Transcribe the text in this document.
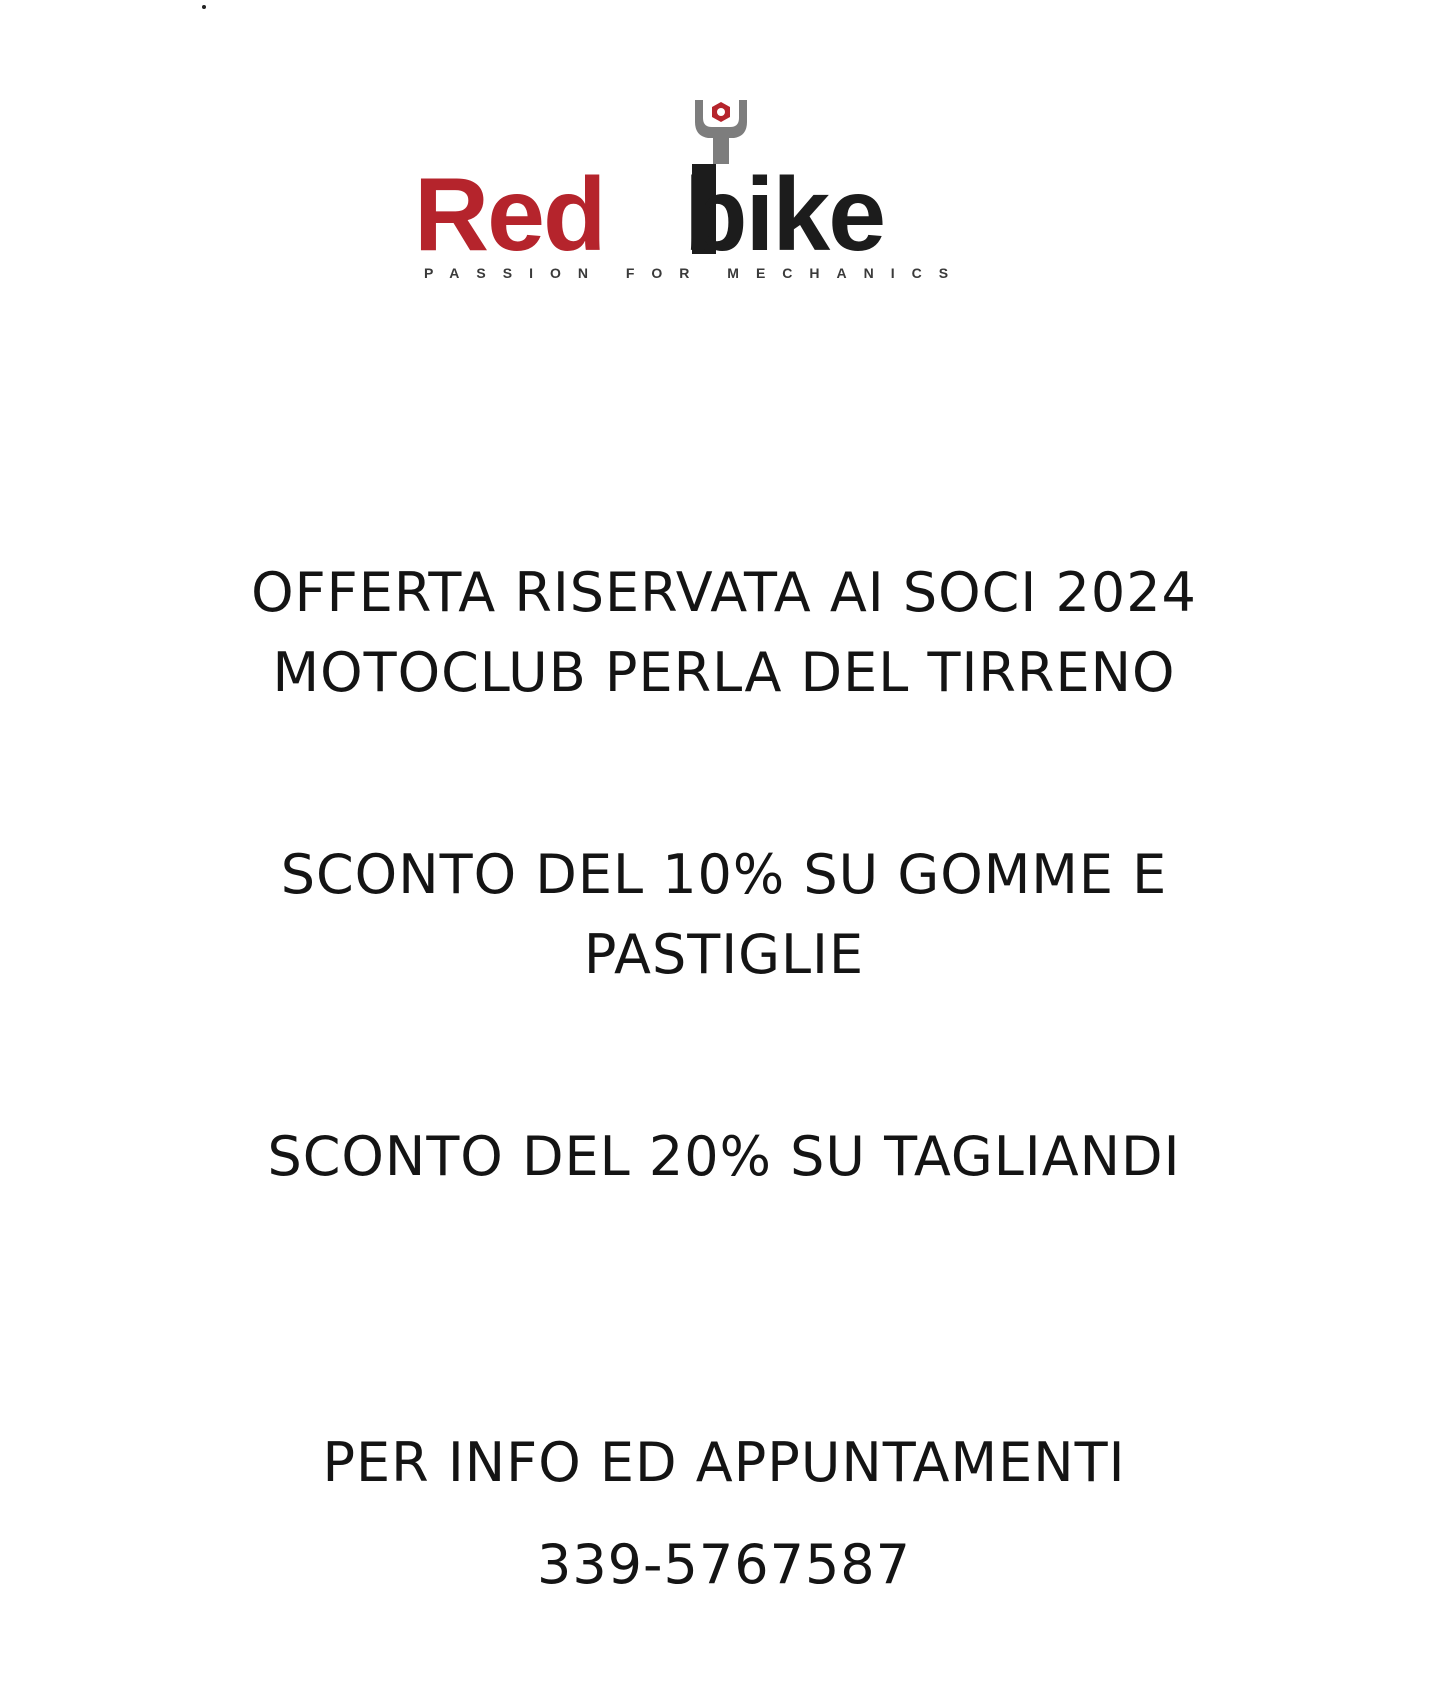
Red bike
PASSION FOR MECHANICS
OFFERTA RISERVATA AI SOCI 2024
MOTOCLUB PERLA DEL TIRRENO
SCONTO DEL 10% SU GOMME E
PASTIGLIE
SCONTO DEL 20% SU TAGLIANDI
PER INFO ED APPUNTAMENTI
339-5767587
